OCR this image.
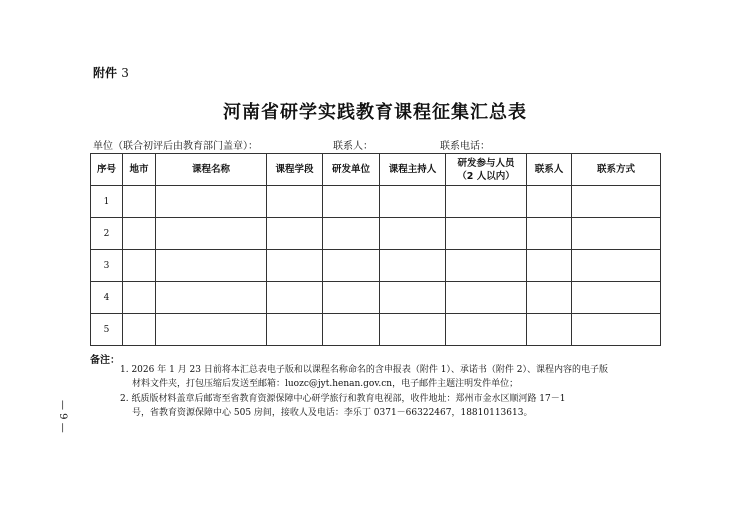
附件 3
河南省研学实践教育课程征集汇总表
单位（联合初评后由教育部门盖章）：	联系人：	联系电话：
序号	地市	课程名称	课程学段	研发单位	课程主持人	研发参与人员
（2 人以内）	联系人	联系方式
1								
2								
3								
4								
5								
备注：
1. 2026 年 1 月 23 日前将本汇总表电子版和以课程名称命名的含申报表（附件 1）、承诺书（附件 2）、课程内容的电子版
材料文件夹，打包压缩后发送至邮箱：luozc@jyt.henan.gov.cn，电子邮件主题注明发件单位；
2. 纸质版材料盖章后邮寄至省教育资源保障中心研学旅行和教育电视部，收件地址：郑州市金水区顺河路 17－1
号，省教育资源保障中心 505 房间，接收人及电话：李乐丁 0371－66322467，18810113613。
— 9 —
